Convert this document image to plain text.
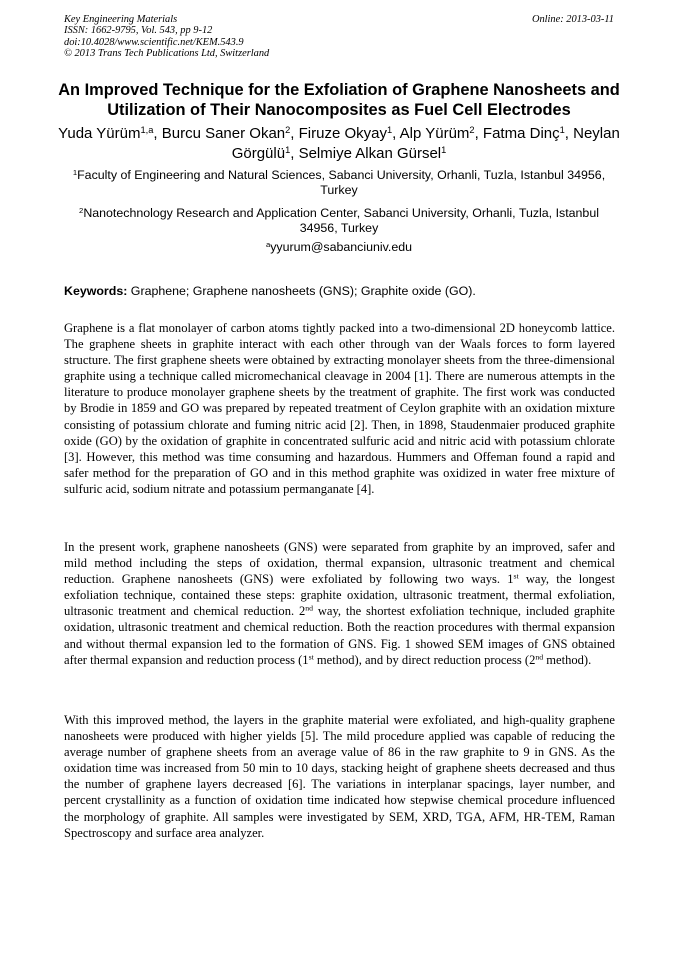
Key Engineering Materials
ISSN: 1662-9795, Vol. 543, pp 9-12
doi:10.4028/www.scientific.net/KEM.543.9
© 2013 Trans Tech Publications Ltd, Switzerland
Online: 2013-03-11
An Improved Technique for the Exfoliation of Graphene Nanosheets and Utilization of Their Nanocomposites as Fuel Cell Electrodes
Yuda Yürüm$^{1,a}$, Burcu Saner Okan$^2$, Firuze Okyay$^1$, Alp Yürüm$^2$, Fatma Dinç$^1$, Neylan Görgülü$^1$, Selmiye Alkan Gürsel$^1$
$^1$Faculty of Engineering and Natural Sciences, Sabanci University, Orhanli, Tuzla, Istanbul 34956, Turkey
$^2$Nanotechnology Research and Application Center, Sabanci University, Orhanli, Tuzla, Istanbul 34956, Turkey
$^a$yyurum@sabanciuniv.edu
Keywords: Graphene; Graphene nanosheets (GNS); Graphite oxide (GO).
Graphene is a flat monolayer of carbon atoms tightly packed into a two-dimensional 2D honeycomb lattice. The graphene sheets in graphite interact with each other through van der Waals forces to form layered structure. The first graphene sheets were obtained by extracting monolayer sheets from the three-dimensional graphite using a technique called micromechanical cleavage in 2004 [1]. There are numerous attempts in the literature to produce monolayer graphene sheets by the treatment of graphite. The first work was conducted by Brodie in 1859 and GO was prepared by repeated treatment of Ceylon graphite with an oxidation mixture consisting of potassium chlorate and fuming nitric acid [2]. Then, in 1898, Staudenmaier produced graphite oxide (GO) by the oxidation of graphite in concentrated sulfuric acid and nitric acid with potassium chlorate [3]. However, this method was time consuming and hazardous. Hummers and Offeman found a rapid and safer method for the preparation of GO and in this method graphite was oxidized in water free mixture of sulfuric acid, sodium nitrate and potassium permanganate [4].
In the present work, graphene nanosheets (GNS) were separated from graphite by an improved, safer and mild method including the steps of oxidation, thermal expansion, ultrasonic treatment and chemical reduction. Graphene nanosheets (GNS) were exfoliated by following two ways. 1st way, the longest exfoliation technique, contained these steps: graphite oxidation, ultrasonic treatment, thermal exfoliation, ultrasonic treatment and chemical reduction. 2nd way, the shortest exfoliation technique, included graphite oxidation, ultrasonic treatment and chemical reduction. Both the reaction procedures with thermal expansion and without thermal expansion led to the formation of GNS. Fig. 1 showed SEM images of GNS obtained after thermal expansion and reduction process (1st method), and by direct reduction process (2nd method).
With this improved method, the layers in the graphite material were exfoliated, and high-quality graphene nanosheets were produced with higher yields [5]. The mild procedure applied was capable of reducing the average number of graphene sheets from an average value of 86 in the raw graphite to 9 in GNS. As the oxidation time was increased from 50 min to 10 days, stacking height of graphene sheets decreased and thus the number of graphene layers decreased [6]. The variations in interplanar spacings, layer number, and percent crystallinity as a function of oxidation time indicated how stepwise chemical procedure influenced the morphology of graphite. All samples were investigated by SEM, XRD, TGA, AFM, HR-TEM, Raman Spectroscopy and surface area analyzer.
